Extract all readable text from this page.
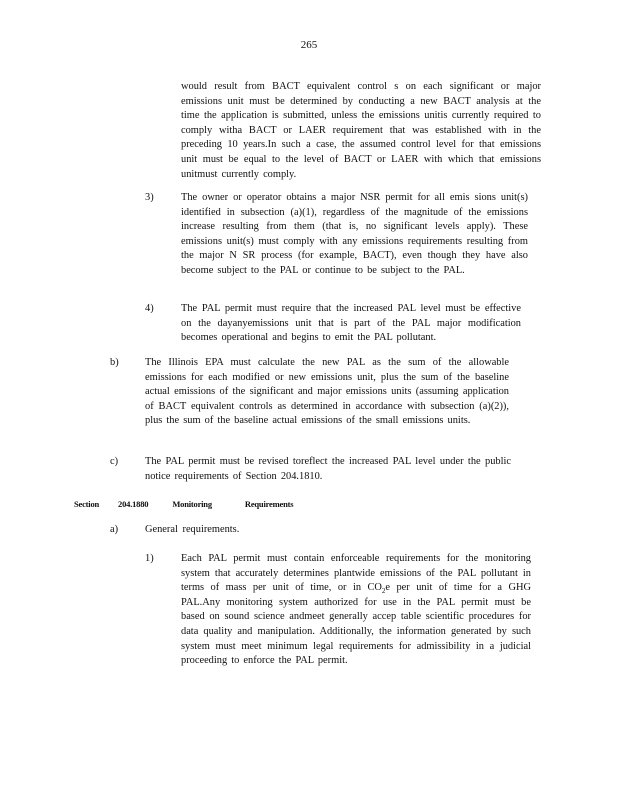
265
would result from BACT equivalent control s on each significant or major emissions unit must be determined by conducting a new BACT analysis at the time the application is submitted, unless the emissions unitis currently required to comply witha BACT or LAER requirement that was established with in the preceding 10 years.In such a case, the assumed control level for that emissions unit must be equal to the level of BACT or LAER with which that emissions unitmust currently comply.
3)	The owner or operator obtains a major NSR permit for all emis sions unit(s) identified in subsection (a)(1), regardless of the magnitude of the emissions increase resulting from them (that is, no significant levels apply). These emissions unit(s) must comply with any emissions requirements resulting from the major N SR process (for example, BACT), even though they have also become subject to the PAL or continue to be subject to the PAL.
4)	The PAL permit must require that the increased PAL level must be effective on the dayanyemissions unit that is part of the PAL major modification becomes operational and begins to emit the PAL pollutant.
b)	The Illinois EPA must calculate the new PAL as the sum of the allowable emissions for each modified or new emissions unit, plus the sum of the baseline actual emissions of the significant and major emissions units (assuming application of BACT equivalent controls as determined in accordance with subsection (a)(2)), plus the sum of the baseline actual emissions of the small emissions units.
c)	The PAL permit must be revised toreflect the increased PAL level under the public notice requirements of Section 204.1810.
Section 204.1880	Monitoring	Requirements
a)	General requirements.
1)	Each PAL permit must contain enforceable requirements for the monitoring system that accurately determines plantwide emissions of the PAL pollutant in terms of mass per unit of time, or in $CO_2e$ per unit of time for a GHG PAL.Any monitoring system authorized for use in the PAL permit must be based on sound science andmeet generally accep table scientific procedures for data quality and manipulation. Additionally, the information generated by such system must meet minimum legal requirements for admissibility in a judicial proceeding to enforce the PAL permit.
